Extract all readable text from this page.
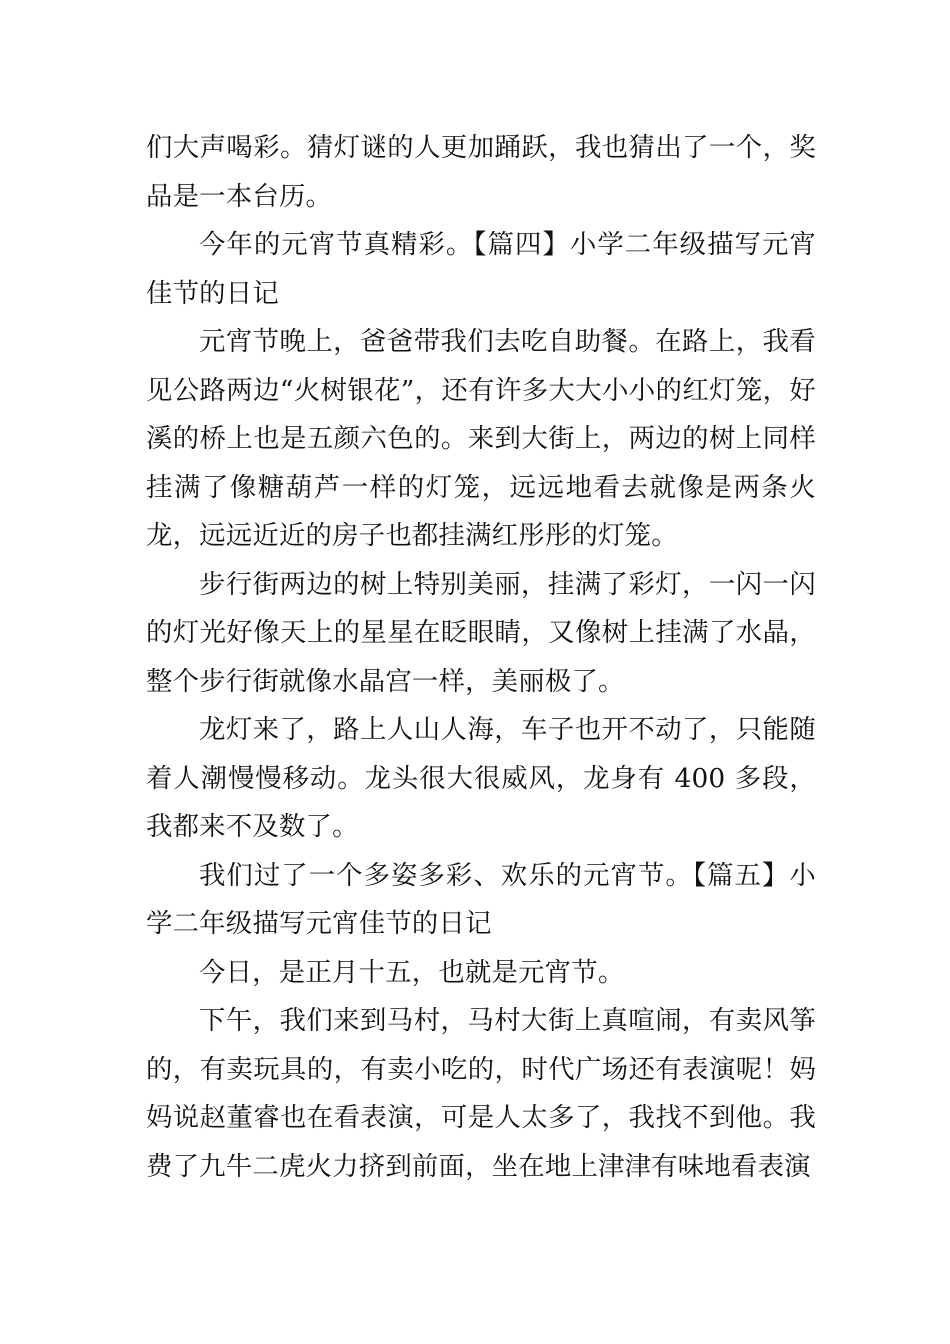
们大声喝彩。猜灯谜的人更加踊跃，我也猜出了一个，奖品是一本台历。

今年的元宵节真精彩。【篇四】小学二年级描写元宵佳节的日记

元宵节晚上，爸爸带我们去吃自助餐。在路上，我看见公路两边“火树银花”，还有许多大大小小的红灯笼，好溪的桥上也是五颜六色的。来到大街上，两边的树上同样挂满了像糖葫芦一样的灯笼，远远地看去就像是两条火龙，远远近近的房子也都挂满红彤彤的灯笼。

步行街两边的树上特别美丽，挂满了彩灯，一闪一闪的灯光好像天上的星星在眨眼睛，又像树上挂满了水晶，整个步行街就像水晶宫一样，美丽极了。

龙灯来了，路上人山人海，车子也开不动了，只能随着人潮慢慢移动。龙头很大很威风，龙身有 400 多段，我都来不及数了。

我们过了一个多姿多彩、欢乐的元宵节。【篇五】小学二年级描写元宵佳节的日记

今日，是正月十五，也就是元宵节。

下午，我们来到马村，马村大街上真喧闹，有卖风筝的，有卖玩具的，有卖小吃的，时代广场还有表演呢！妈妈说赵董睿也在看表演，可是人太多了，我找不到他。我费了九牛二虎火力挤到前面，坐在地上津津有味地看表演
